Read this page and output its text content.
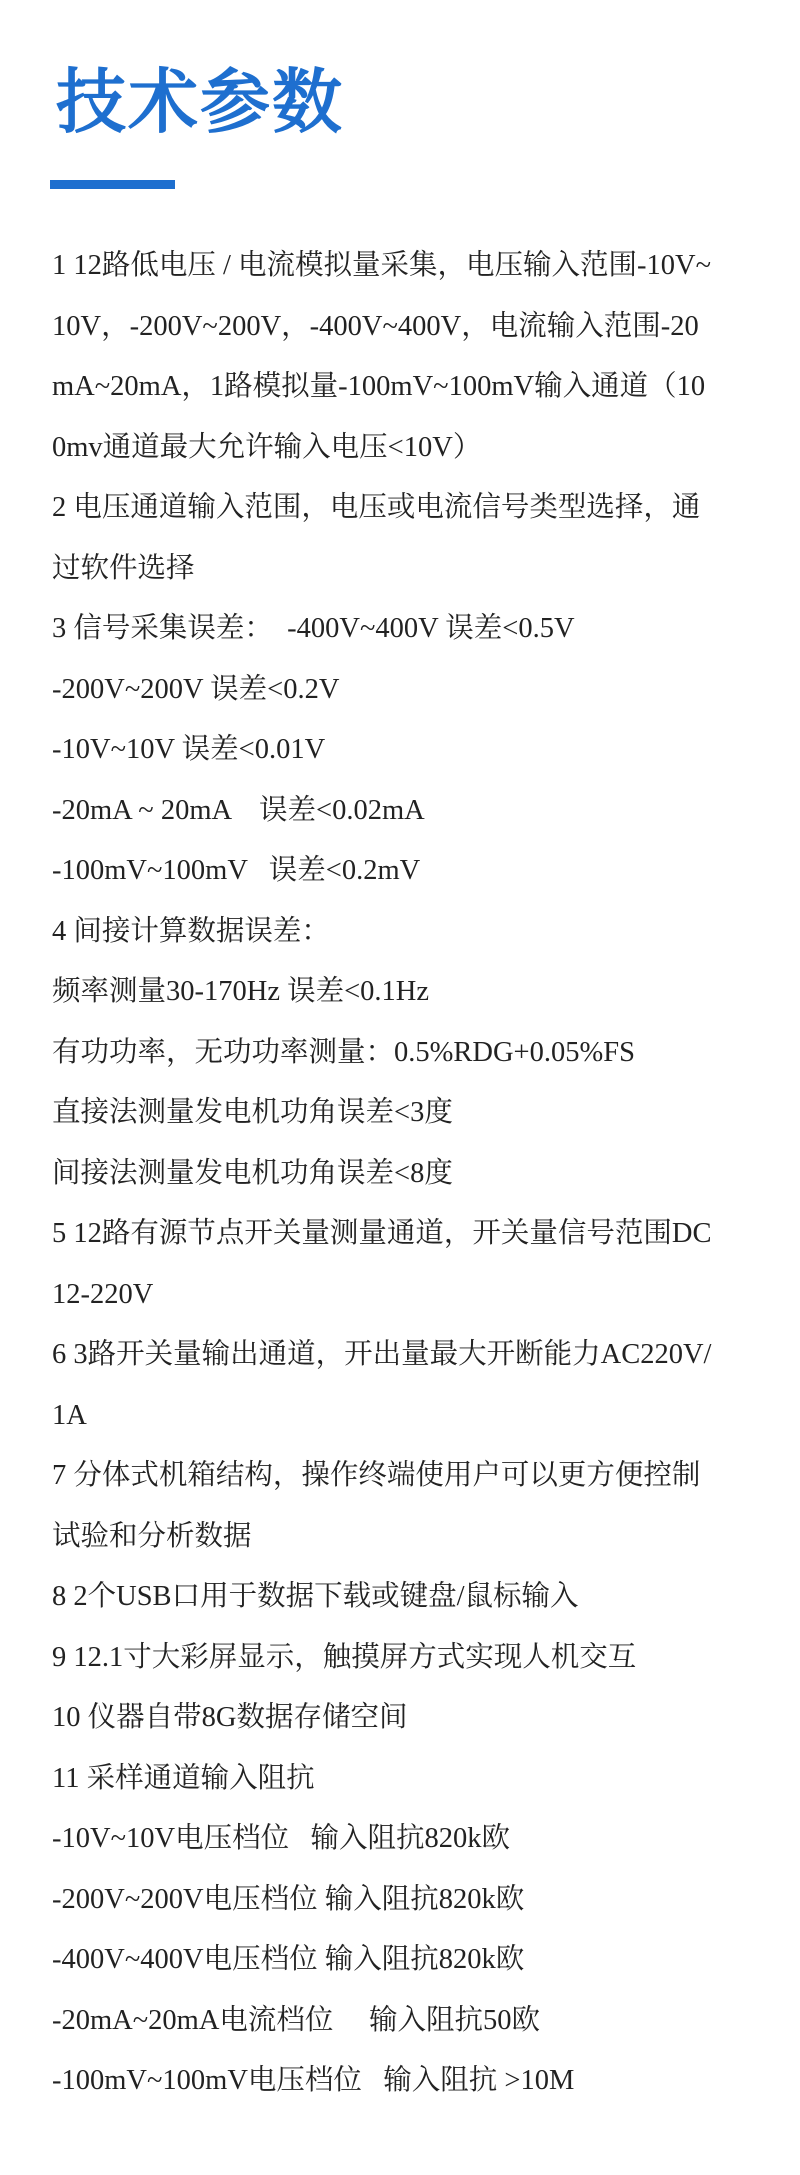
技术参数
1 12路低电压 / 电流模拟量采集，电压输入范围-10V~
10V，-200V~200V，-400V~400V，电流输入范围-20
mA~20mA，1路模拟量-100mV~100mV输入通道（10
0mv通道最大允许输入电压<10V）
2 电压通道输入范围，电压或电流信号类型选择，通
过软件选择
3 信号采集误差：  -400V~400V 误差<0.5V
-200V~200V 误差<0.2V
-10V~10V 误差<0.01V
-20mA ~ 20mA    误差<0.02mA
-100mV~100mV   误差<0.2mV
4 间接计算数据误差：
频率测量30-170Hz 误差<0.1Hz
有功功率，无功功率测量：0.5%RDG+0.05%FS
直接法测量发电机功角误差<3度
间接法测量发电机功角误差<8度
5 12路有源节点开关量测量通道，开关量信号范围DC
12-220V
6 3路开关量输出通道，开出量最大开断能力AC220V/
1A
7 分体式机箱结构，操作终端使用户可以更方便控制
试验和分析数据
8 2个USB口用于数据下载或键盘/鼠标输入
9 12.1寸大彩屏显示，触摸屏方式实现人机交互
10 仪器自带8G数据存储空间
11 采样通道输入阻抗
-10V~10V电压档位   输入阻抗820k欧
-200V~200V电压档位 输入阻抗820k欧
-400V~400V电压档位 输入阻抗820k欧
-20mA~20mA电流档位     输入阻抗50欧
-100mV~100mV电压档位   输入阻抗 >10M
